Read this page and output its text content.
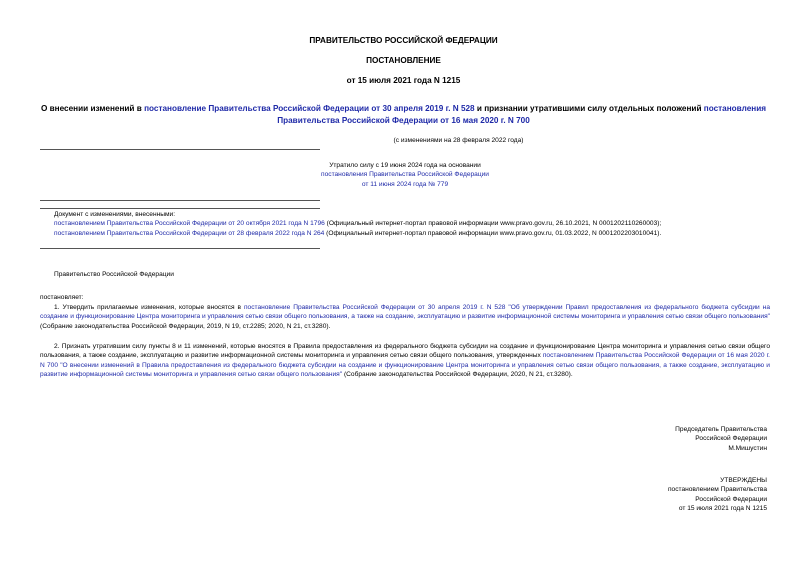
ПРАВИТЕЛЬСТВО РОССИЙСКОЙ ФЕДЕРАЦИИ
ПОСТАНОВЛЕНИЕ
от 15 июля 2021 года N 1215
О внесении изменений в постановление Правительства Российской Федерации от 30 апреля 2019 г. N 528 и признании утратившими силу отдельных положений постановления Правительства Российской Федерации от 16 мая 2020 г. N 700
(с изменениями на 28 февраля 2022 года)
Утратило силу с 19 июня 2024 года на основании
постановления Правительства Российской Федерации
от 11 июня 2024 года № 779
Документ с изменениями, внесенными:
постановлением Правительства Российской Федерации от 20 октября 2021 года N 1796 (Официальный интернет-портал правовой информации www.pravo.gov.ru, 26.10.2021, N 0001202110260003);
постановлением Правительства Российской Федерации от 28 февраля 2022 года N 264 (Официальный интернет-портал правовой информации www.pravo.gov.ru, 01.03.2022, N 0001202203010041).
Правительство Российской Федерации
постановляет:
1. Утвердить прилагаемые изменения, которые вносятся в постановление Правительства Российской Федерации от 30 апреля 2019 г. N 528 "Об утверждении Правил предоставления из федерального бюджета субсидии на создание и функционирование Центра мониторинга и управления сетью связи общего пользования, а также на создание, эксплуатацию и развитие информационной системы мониторинга и управления сетью связи общего пользования" (Собрание законодательства Российской Федерации, 2019, N 19, ст.2285; 2020, N 21, ст.3280).
2. Признать утратившим силу пункты 8 и 11 изменений, которые вносятся в Правила предоставления из федерального бюджета субсидии на создание и функционирование Центра мониторинга и управления сетью связи общего пользования, а также создание, эксплуатацию и развитие информационной системы мониторинга и управления сетью связи общего пользования, утвержденных постановлением Правительства Российской Федерации от 16 мая 2020 г. N 700 "О внесении изменений в Правила предоставления из федерального бюджета субсидии на создание и функционирование Центра мониторинга и управления сетью связи общего пользования, а также создание, эксплуатацию и развитие информационной системы мониторинга и управления сетью связи общего пользования" (Собрание законодательства Российской Федерации, 2020, N 21, ст.3280).
Председатель Правительства
Российской Федерации
М.Мишустин
УТВЕРЖДЕНЫ
постановлением Правительства
Российской Федерации
от 15 июля 2021 года N 1215
